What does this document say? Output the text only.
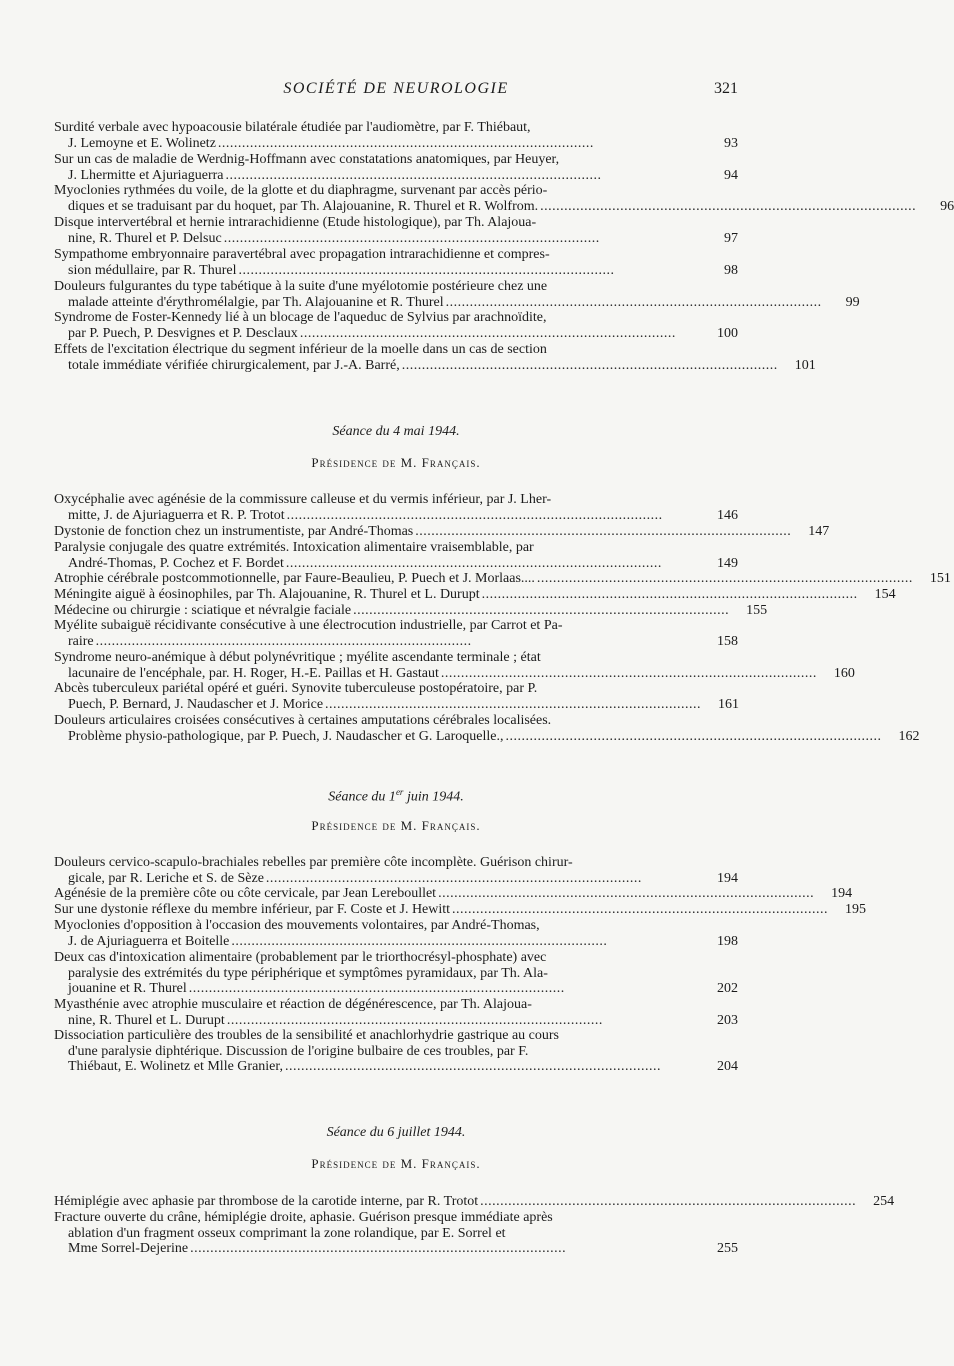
SOCIÉTÉ DE NEUROLOGIE	321
Surdité verbale avec hypoacousie bilatérale étudiée par l'audiomètre, par F. Thiébaut,
J. Lemoyne et E. Wolinetz . . .	93
Sur un cas de maladie de Werdnig-Hoffmann avec constatations anatomiques, par Heuyer,
J. Lhermitte et Ajuriaguerra . . .	94
Myoclonies rythmées du voile, de la glotte et du diaphragme, survenant par accès pério-
diques et se traduisant par du hoquet, par Th. Alajouanine, R. Thurel et R. Wolfrom. . . .	96
Disque intervertébral et hernie intrarachidienne (Etude histologique), par Th. Alajoua-
nine, R. Thurel et P. Delsuc . . .	97
Sympathome embryonnaire paravertébral avec propagation intrarachidienne et compres-
sion médullaire, par R. Thurel . . .	98
Douleurs fulgurantes du type tabétique à la suite d'une myélotomie postérieure chez une
malade atteinte d'érythromélalgie, par Th. Alajouanine et R. Thurel . . .	99
Syndrome de Foster-Kennedy lié à un blocage de l'aqueduc de Sylvius par arachnoïdite,
par P. Puech, P. Desvignes et P. Desclaux . . .	100
Effets de l'excitation électrique du segment inférieur de la moelle dans un cas de section
totale immédiate vérifiée chirurgicalement, par J.-A. Barré, . . .	101
Séance du 4 mai 1944.
Présidence de M. Français.
Oxycéphalie avec agénésie de la commissure calleuse et du vermis inférieur, par J. Lher-
mitte, J. de Ajuriaguerra et R. P. Trotot . . .	146
Dystonie de fonction chez un instrumentiste, par André-Thomas . . .	147
Paralysie conjugale des quatre extrémités. Intoxication alimentaire vraisemblable, par
André-Thomas, P. Cochez et F. Bordet . . .	149
Atrophie cérébrale postcommotionnelle, par Faure-Beaulieu, P. Puech et J. Morlaas.... . . .	151
Méningite aiguë à éosinophiles, par Th. Alajouanine, R. Thurel et L. Durupt . . .	154
Médecine ou chirurgie : sciatique et névralgie faciale . . .	155
Myélite subaiguë récidivante consécutive à une électrocution industrielle, par Carrot et Pa-
raire . . .	158
Syndrome neuro-anémique à début polynévritique ; myélite ascendante terminale ; état
lacunaire de l'encéphale, par. H. Roger, H.-E. Paillas et H. Gastaut . . .	160
Abcès tuberculeux pariétal opéré et guéri. Synovite tuberculeuse postopératoire, par P.
Puech, P. Bernard, J. Naudascher et J. Morice . . .	161
Douleurs articulaires croisées consécutives à certaines amputations cérébrales localisées.
Problème physio-pathologique, par P. Puech, J. Naudascher et G. Laroquelle., . . .	162
Séance du 1er juin 1944.
Présidence de M. Français.
Douleurs cervico-scapulo-brachiales rebelles par première côte incomplète. Guérison chirur-
gicale, par R. Leriche et S. de Sèze . . .	194
Agénésie de la première côte ou côte cervicale, par Jean Lereboullet . . .	194
Sur une dystonie réflexe du membre inférieur, par F. Coste et J. Hewitt . . .	195
Myoclonies d'opposition à l'occasion des mouvements volontaires, par André-Thomas,
J. de Ajuriaguerra et Boitelle . . .	198
Deux cas d'intoxication alimentaire (probablement par le triorthocrésyl-phosphate) avec
paralysie des extrémités du type périphérique et symptômes pyramidaux, par Th. Ala-
jouanine et R. Thurel . . .	202
Myasthénie avec atrophie musculaire et réaction de dégénérescence, par Th. Alajoua-
nine, R. Thurel et L. Durupt . . .	203
Dissociation particulière des troubles de la sensibilité et anachlorhydrie gastrique au cours
d'une paralysie diphtérique. Discussion de l'origine bulbaire de ces troubles, par F.
Thiébaut, E. Wolinetz et Mlle Granier, . . .	204
Séance du 6 juillet 1944.
Présidence de M. Français.
Hémiplégie avec aphasie par thrombose de la carotide interne, par R. Trotot . . .	254
Fracture ouverte du crâne, hémiplégie droite, aphasie. Guérison presque immédiate après
ablation d'un fragment osseux comprimant la zone rolandique, par E. Sorrel et
Mme Sorrel-Dejerine . . .	255
